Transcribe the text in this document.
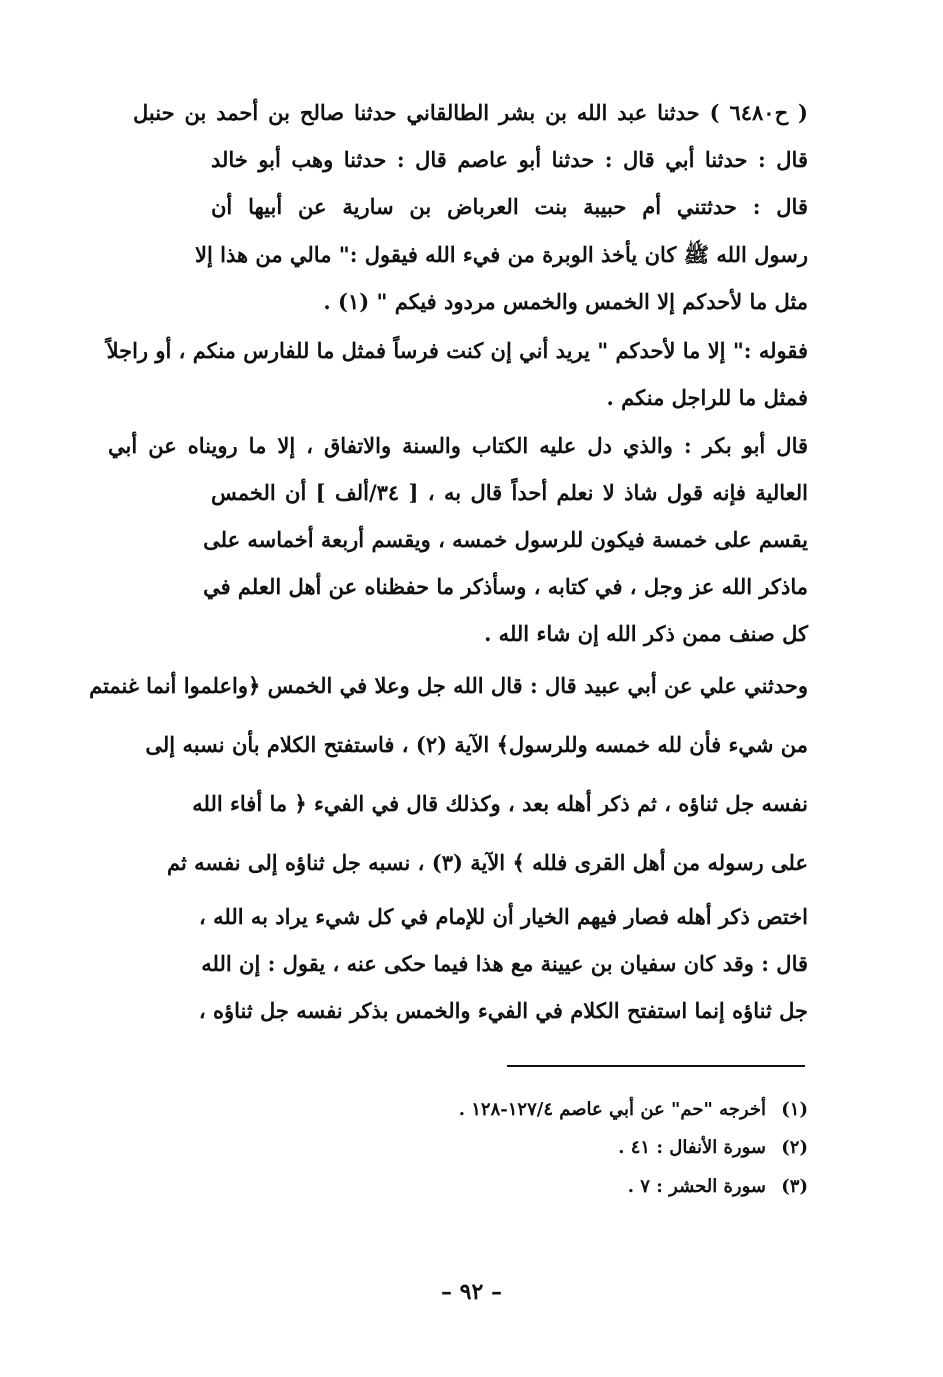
( ح٦٤٨٠ ) حدثنا عبد الله بن بشر الطالقاني حدثنا صالح بن أحمد بن حنبل
قال : حدثنا أبي قال : حدثنا أبو عاصم قال : حدثنا وهب أبو خالد
قال : حدثتني أم حبيبة بنت العرباض بن سارية عن أبيها أن
رسول الله ﷺ كان يأخذ الوبرة من فيء الله فيقول :" مالي من هذا إلا
مثل ما لأحدكم إلا الخمس والخمس مردود فيكم " (١) .
فقوله :" إلا ما لأحدكم " يريد أني إن كنت فرساً فمثل ما للفارس منكم ، أو راجلاً
فمثل ما للراجل منكم .
قال أبو بكر : والذي دل عليه الكتاب والسنة والاتفاق ، إلا ما رويناه عن أبي
العالية فإنه قول شاذ لا نعلم أحداً قال به ، [ ٣٤/ألف ] أن الخمس
يقسم على خمسة فيكون للرسول خمسه ، ويقسم أربعة أخماسه على
ماذكر الله عز وجل ، في كتابه ، وسأذكر ما حفظناه عن أهل العلم في
كل صنف ممن ذكر الله إن شاء الله .
وحدثني علي عن أبي عبيد قال : قال الله جل وعلا في الخمس ﴿واعلموا أنما غنمتم
من شيء فأن لله خمسه وللرسول﴾ الآية (٢) ، فاستفتح الكلام بأن نسبه إلى
نفسه جل ثناؤه ، ثم ذكر أهله بعد ، وكذلك قال في الفيء ﴿ ما أفاء الله
على رسوله من أهل القرى فلله ﴾ الآية (٣) ، نسبه جل ثناؤه إلى نفسه ثم
اختص ذكر أهله فصار فيهم الخيار أن للإمام في كل شيء يراد به الله ،
قال : وقد كان سفيان بن عيينة مع هذا فيما حكى عنه ، يقول : إن الله
جل ثناؤه إنما استفتح الكلام في الفيء والخمس بذكر نفسه جل ثناؤه ،
(١)أخرجه "حم" عن أبي عاصم ١٢٧/٤-١٢٨ .
(٢)سورة الأنفال : ٤١ .
(٣)سورة الحشر : ٧ .
– ٩٢ –
